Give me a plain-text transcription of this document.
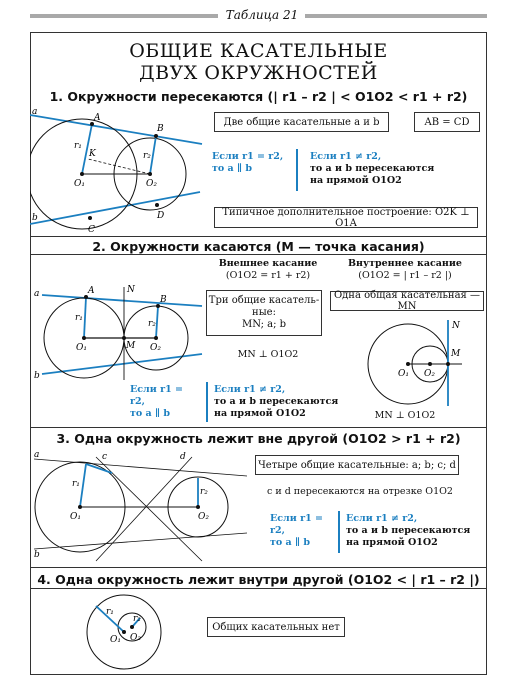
Таблица 21
ОБЩИЕ КАСАТЕЛЬНЫЕ
ДВУХ ОКРУЖНОСТЕЙ
1. Окружности пересекаются (| r1 – r2 | < O1O2 < r1 + r2)
a
b
A
B
C
D
K
r₁
r₂
O₁	O₂
Две общие касательные a и b	AB = CD
Если r1 = r2,
то a ∥ b
Если r1 ≠ r2,
то a и b пересекаются
на прямой O1O2
Типичное дополнительное построение: O2K ⊥ O1A
2. Окружности касаются (M — точка касания)
a
b
A
B
N
M
r₁
r₂
O₁	O₂
Внешнее касание
(O1O2 = r1 + r2)
Внутреннее касание
(O1O2 = | r1 – r2 |)
Три общие касатель-
ные:
MN; a; b
MN ⊥ O1O2
Одна общая касательная — MN
N
M
O₁ O₂
MN ⊥ O1O2
Если r1 = r2,
то a ∥ b
Если r1 ≠ r2,
то a и b пересекаются
на прямой O1O2
3. Одна окружность лежит вне другой (O1O2 > r1 + r2)
a
b
c	d
r₁
r₂
O₁	O₂
Четыре общие касательные: a; b; c; d
c и d пересекаются на отрезке O1O2
Если r1 = r2,
то a ∥ b
Если r1 ≠ r2,
то a и b пересекаются
на прямой O1O2
4. Одна окружность лежит внутри другой (O1O2 < | r1 – r2 |)
r₁
r₂
O₁ O₂
Общих касательных нет
